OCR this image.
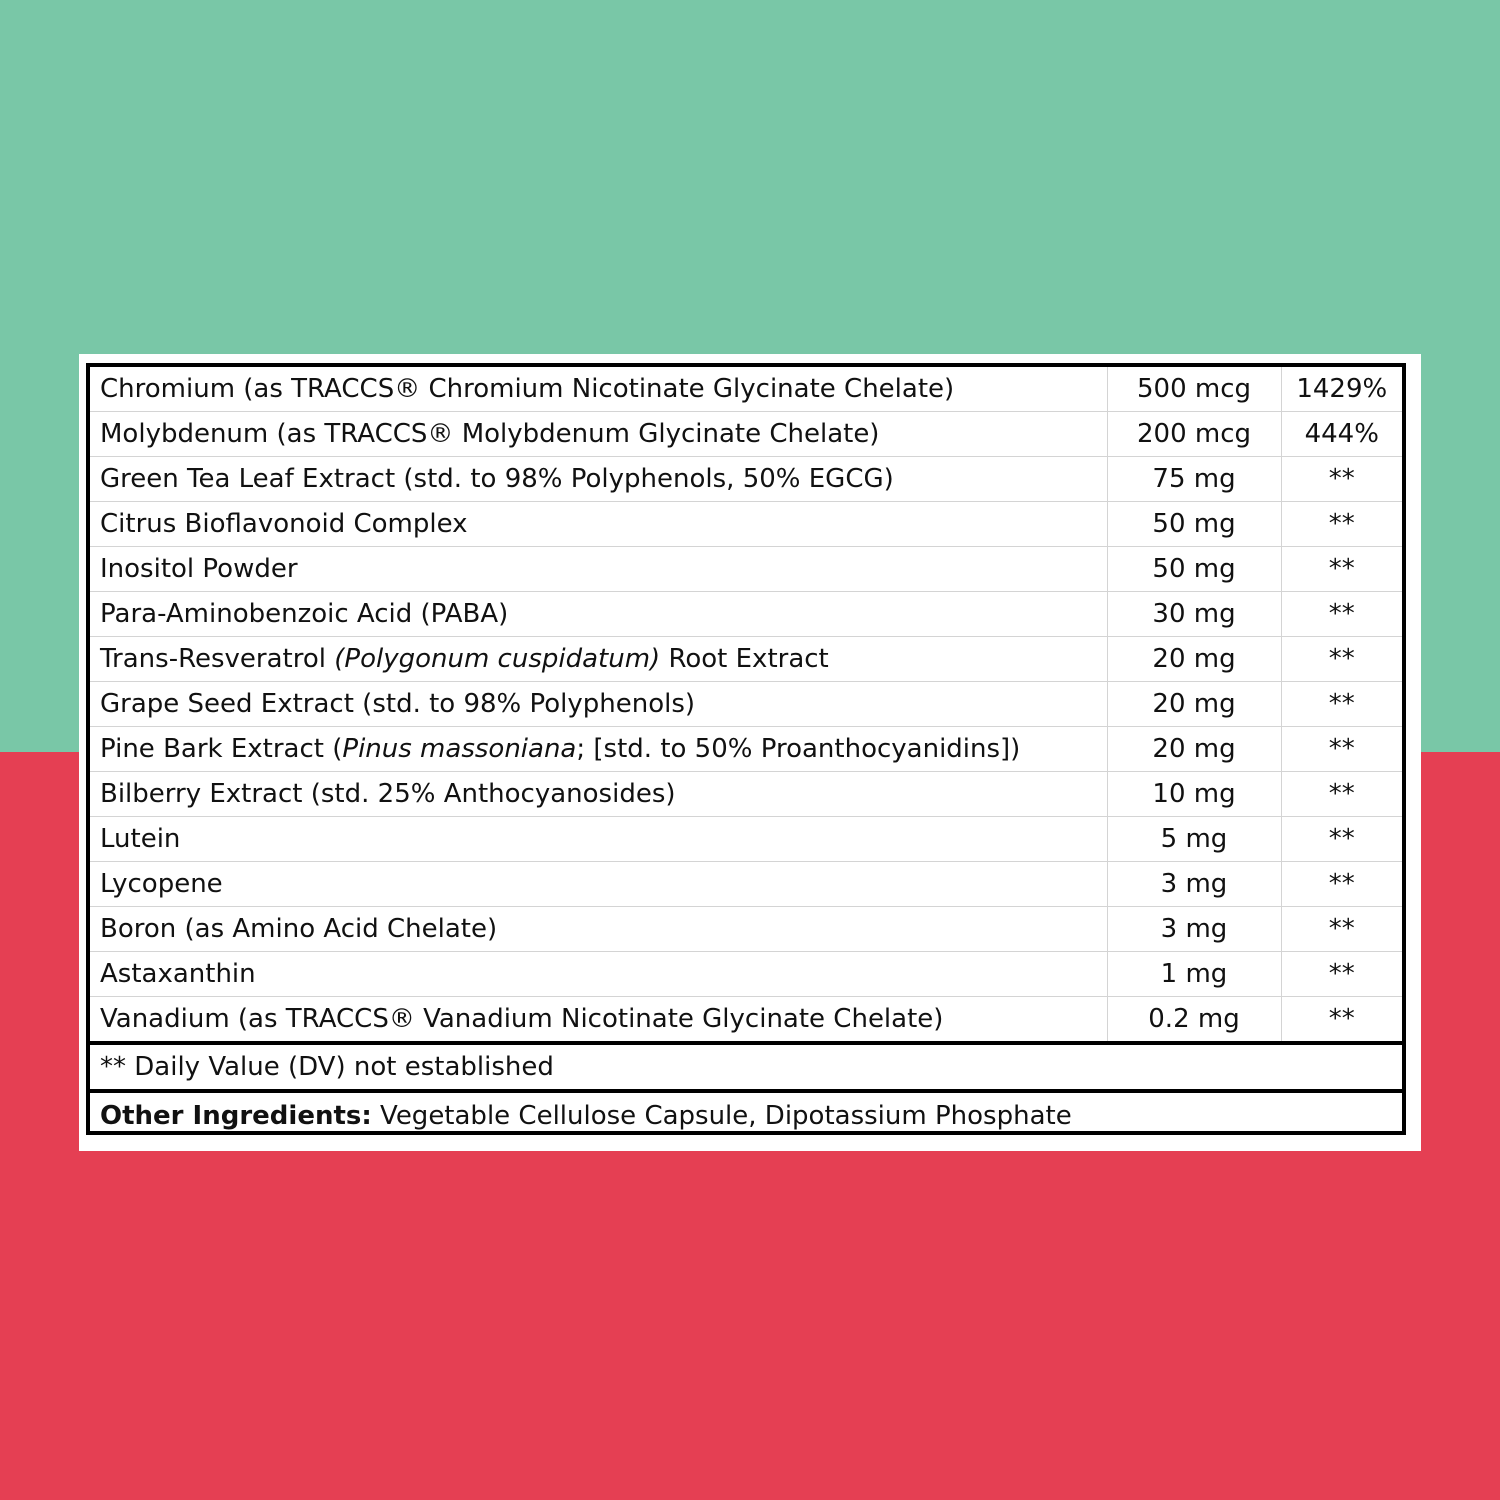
Chromium (as TRACCS® Chromium Nicotinate Glycinate Chelate)	500 mcg	1429%
Molybdenum (as TRACCS® Molybdenum Glycinate Chelate)	200 mcg	444%
Green Tea Leaf Extract (std. to 98% Polyphenols, 50% EGCG)	75 mg	**
Citrus Bioflavonoid Complex	50 mg	**
Inositol Powder	50 mg	**
Para-Aminobenzoic Acid (PABA)	30 mg	**
Trans-Resveratrol (Polygonum cuspidatum) Root Extract	20 mg	**
Grape Seed Extract (std. to 98% Polyphenols)	20 mg	**
Pine Bark Extract (Pinus massoniana; [std. to 50% Proanthocyanidins])	20 mg	**
Bilberry Extract (std. 25% Anthocyanosides)	10 mg	**
Lutein	5 mg	**
Lycopene	3 mg	**
Boron (as Amino Acid Chelate)	3 mg	**
Astaxanthin	1 mg	**
Vanadium (as TRACCS® Vanadium Nicotinate Glycinate Chelate)	0.2 mg	**
** Daily Value (DV) not established
Other Ingredients: Vegetable Cellulose Capsule, Dipotassium Phosphate
